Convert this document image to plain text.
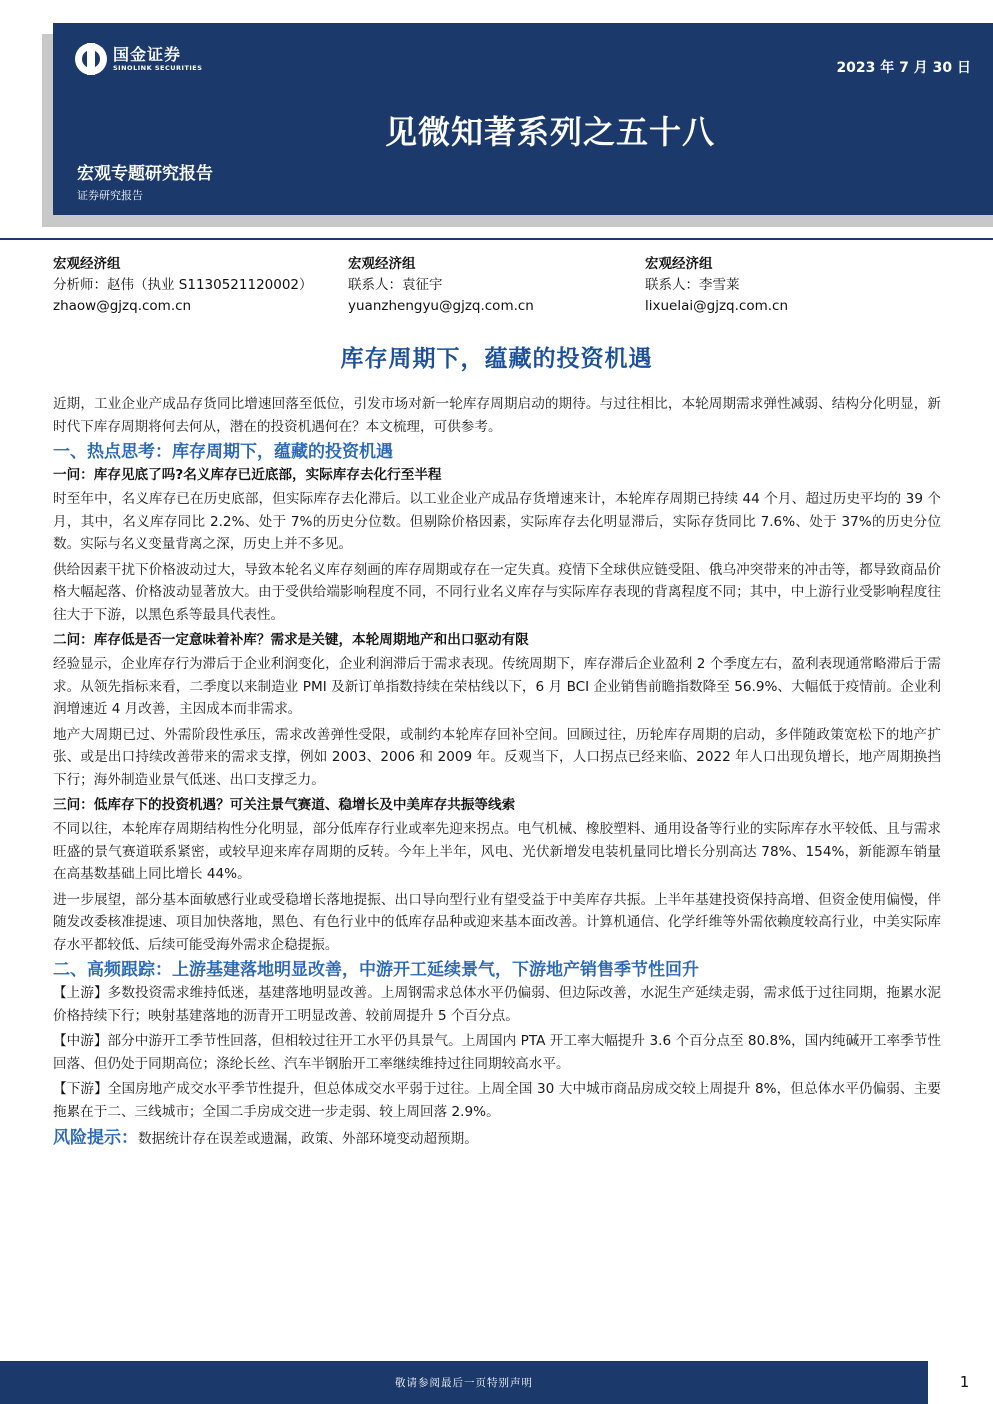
国金证券
SINOLINK SECURITIES	2023 年 7 月 30 日
见微知著系列之五十八
宏观专题研究报告
证券研究报告
宏观经济组
分析师：赵伟（执业 S1130521120002）
zhaow@gjzq.com.cn
宏观经济组
联系人：袁征宇
yuanzhengyu@gjzq.com.cn
宏观经济组
联系人：李雪莱
lixuelai@gjzq.com.cn
库存周期下，蕴藏的投资机遇

近期，工业企业产成品存货同比增速回落至低位，引发市场对新一轮库存周期启动的期待。与过往相比，本轮周期需求弹性减弱、结构分化明显，新时代下库存周期将何去何从，潜在的投资机遇何在？本文梳理，可供参考。

一、热点思考：库存周期下，蕴藏的投资机遇
一问：库存见底了吗?名义库存已近底部，实际库存去化行至半程

时至年中，名义库存已在历史底部，但实际库存去化滞后。以工业企业产成品存货增速来计，本轮库存周期已持续 44 个月、超过历史平均的 39 个月，其中，名义库存同比 2.2%、处于 7%的历史分位数。但剔除价格因素，实际库存去化明显滞后，实际存货同比 7.6%、处于 37%的历史分位数。实际与名义变量背离之深，历史上并不多见。

供给因素干扰下价格波动过大，导致本轮名义库存刻画的库存周期或存在一定失真。疫情下全球供应链受阻、俄乌冲突带来的冲击等，都导致商品价格大幅起落、价格波动显著放大。由于受供给端影响程度不同，不同行业名义库存与实际库存表现的背离程度不同；其中，中上游行业受影响程度往往大于下游，以黑色系等最具代表性。

二问：库存低是否一定意味着补库？需求是关键，本轮周期地产和出口驱动有限

经验显示，企业库存行为滞后于企业利润变化，企业利润滞后于需求表现。传统周期下，库存滞后企业盈利 2 个季度左右，盈利表现通常略滞后于需求。从领先指标来看，二季度以来制造业 PMI 及新订单指数持续在荣枯线以下，6 月 BCI 企业销售前瞻指数降至 56.9%、大幅低于疫情前。企业利润增速近 4 月改善，主因成本而非需求。

地产大周期已过、外需阶段性承压，需求改善弹性受限，或制约本轮库存回补空间。回顾过往，历轮库存周期的启动，多伴随政策宽松下的地产扩张、或是出口持续改善带来的需求支撑，例如 2003、2006 和 2009 年。反观当下，人口拐点已经来临、2022 年人口出现负增长，地产周期换挡下行；海外制造业景气低迷、出口支撑乏力。

三问：低库存下的投资机遇？可关注景气赛道、稳增长及中美库存共振等线索

不同以往，本轮库存周期结构性分化明显，部分低库存行业或率先迎来拐点。电气机械、橡胶塑料、通用设备等行业的实际库存水平较低、且与需求旺盛的景气赛道联系紧密，或较早迎来库存周期的反转。今年上半年，风电、光伏新增发电装机量同比增长分别高达 78%、154%，新能源车销量在高基数基础上同比增长 44%。

进一步展望，部分基本面敏感行业或受稳增长落地提振、出口导向型行业有望受益于中美库存共振。上半年基建投资保持高增、但资金使用偏慢，伴随发改委核准提速、项目加快落地，黑色、有色行业中的低库存品种或迎来基本面改善。计算机通信、化学纤维等外需依赖度较高行业，中美实际库存水平都较低、后续可能受海外需求企稳提振。

二、高频跟踪：上游基建落地明显改善，中游开工延续景气，下游地产销售季节性回升

【上游】多数投资需求维持低迷，基建落地明显改善。上周钢需求总体水平仍偏弱、但边际改善，水泥生产延续走弱，需求低于过往同期，拖累水泥价格持续下行；映射基建落地的沥青开工明显改善、较前周提升 5 个百分点。

【中游】部分中游开工季节性回落，但相较过往开工水平仍具景气。上周国内 PTA 开工率大幅提升 3.6 个百分点至 80.8%，国内纯碱开工率季节性回落、但仍处于同期高位；涤纶长丝、汽车半钢胎开工率继续维持过往同期较高水平。

【下游】全国房地产成交水平季节性提升，但总体成交水平弱于过往。上周全国 30 大中城市商品房成交较上周提升 8%，但总体水平仍偏弱、主要拖累在于二、三线城市；全国二手房成交进一步走弱、较上周回落 2.9%。

风险提示：数据统计存在误差或遗漏，政策、外部环境变动超预期。
敬请参阅最后一页特别声明	1
